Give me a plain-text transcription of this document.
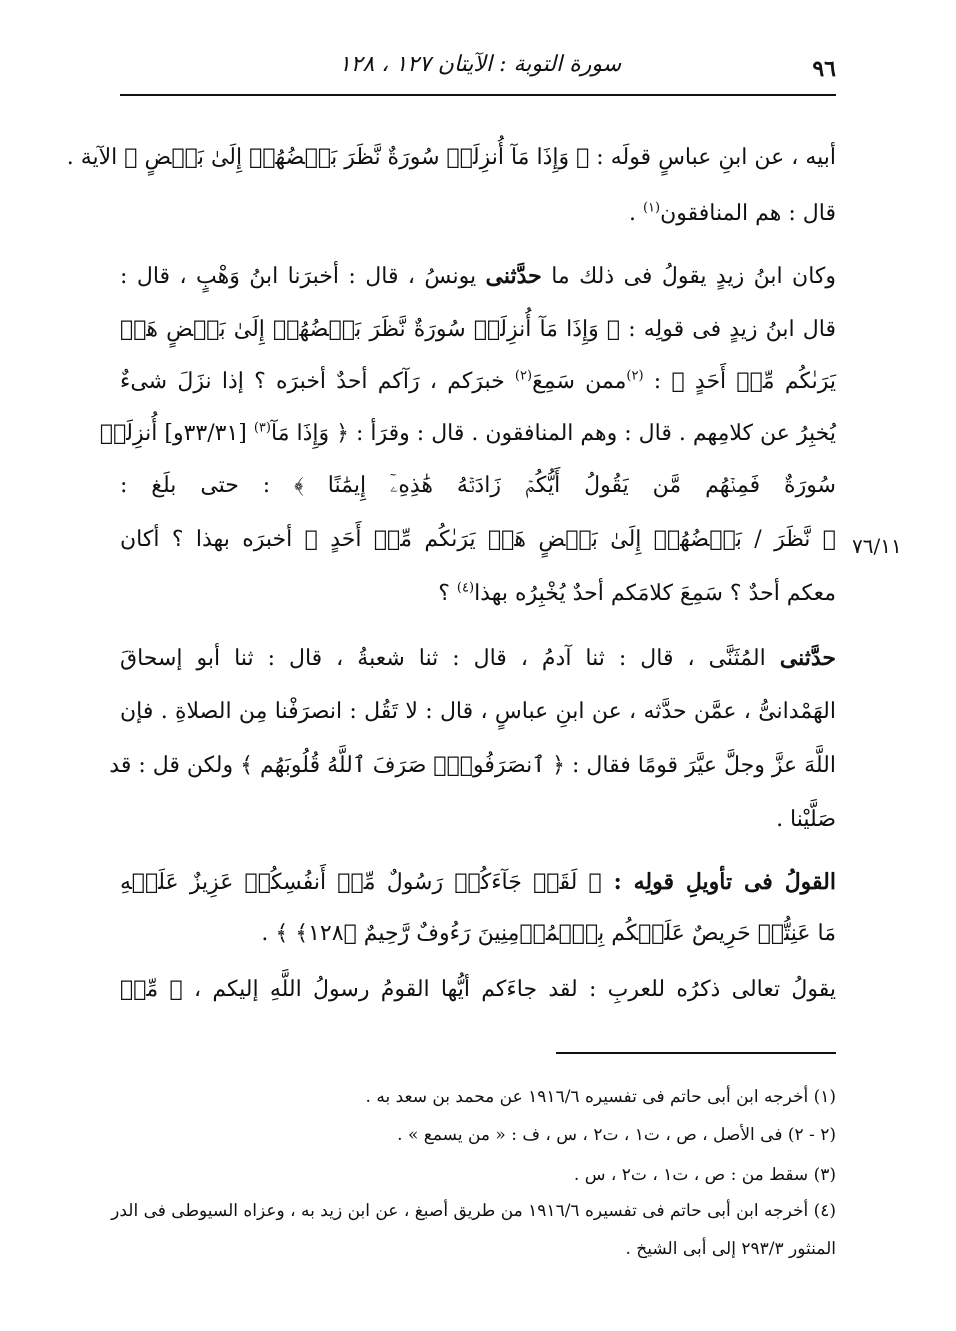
٩٦
سورة التوبة : الآيتان ١٢٧ ، ١٢٨
٧٦/١١
أبيه ، عن ابنِ عباسٍ قولَه : ﴿ وَإِذَا مَآ أُنزِلَتۡ سُورَةٌ نَّظَرَ بَعۡضُهُمۡ إِلَىٰ بَعۡضٍ ﴾ الآية .
قال : هم المنافقون$^{(١)}$ .
وكان ابنُ زيدٍ يقولُ فى ذلك ما حدَّثنى يونسُ ، قال : أخبرَنا ابنُ وَهْبٍ ، قال :
قال ابنُ زيدٍ فى قولِه : ﴿ وَإِذَا مَآ أُنزِلَتۡ سُورَةٌ نَّظَرَ بَعۡضُهُمۡ إِلَىٰ بَعۡضٍ هَلۡ
يَرَىٰكُم مِّنۡ أَحَدٍ ﴾ : $^{(٢)}$ممن سَمِعَ$^{(٢)}$ خبرَكم ، رَآكم أحدٌ أخبرَه ؟ إذا نزَلَ شىءٌ
يُخبِرُ عن كلامِهم . قال : وهم المنافقون . قال : وقرَأ : ﴿ وَإِذَا مَآ$^{(٣)}$ [٣٣/٣١و] أُنزِلَتۡ
سُورَةٌ فَمِنۡهُم مَّن يَقُولُ أَيُّكُمۡ زَادَتۡهُ هَٰذِهِۦٓ إِيمَٰنًا ﴾ : حتى بلَغ :
﴿ نَّظَرَ / بَعۡضُهُمۡ إِلَىٰ بَعۡضٍ هَلۡ يَرَىٰكُم مِّنۡ أَحَدٍ ﴾ أخبرَه بهذا ؟ أكان
معكم أحدٌ ؟ سَمِعَ كلامَكم أحدٌ يُخْبِرُه بهذا$^{(٤)}$ ؟
حدَّثنى المُثَنَّى ، قال : ثنا آدمُ ، قال : ثنا شعبةُ ، قال : ثنا أبو إسحاقَ
الهَمْدانىُّ ، عمَّن حدَّثه ، عن ابنِ عباسٍ ، قال : لا تَقُل : انصرَفْنا مِن الصلاةِ . فإن
اللَّهَ عزَّ وجلَّ عيَّرَ قومًا فقال : ﴿ ٱنصَرَفُواْۚ صَرَفَ ٱللَّهُ قُلُوبَهُم ﴾ ولكن قل : قد
صَلَّيْنا .
القولُ فى تأويلِ قولِه : ﴿ لَقَدۡ جَآءَكُمۡ رَسُولٌ مِّنۡ أَنفُسِكُمۡ عَزِيزٌ عَلَيۡهِ
مَا عَنِتُّمۡ حَرِيصٌ عَلَيۡكُم بِٱلۡمُؤۡمِنِينَ رَءُوفٌ رَّحِيمٌ ﴿١٢٨﴾ ﴾ .
يقولُ تعالى ذكرُه للعربِ : لقد جاءَكم أيُّها القومُ رسولُ اللَّهِ إليكم ، ﴿ مِّنۡ
(١) أخرجه ابن أبى حاتم فى تفسيره ١٩١٦/٦ عن محمد بن سعد به .
(٢ - ٢) فى الأصل ، ص ، ت١ ، ت٢ ، س ، ف : « من يسمع » .
(٣) سقط من : ص ، ت١ ، ت٢ ، س .
(٤) أخرجه ابن أبى حاتم فى تفسيره ١٩١٦/٦ من طريق أصبغ ، عن ابن زيد به ، وعزاه السيوطى فى الدر
المنثور ٢٩٣/٣ إلى أبى الشيخ .
